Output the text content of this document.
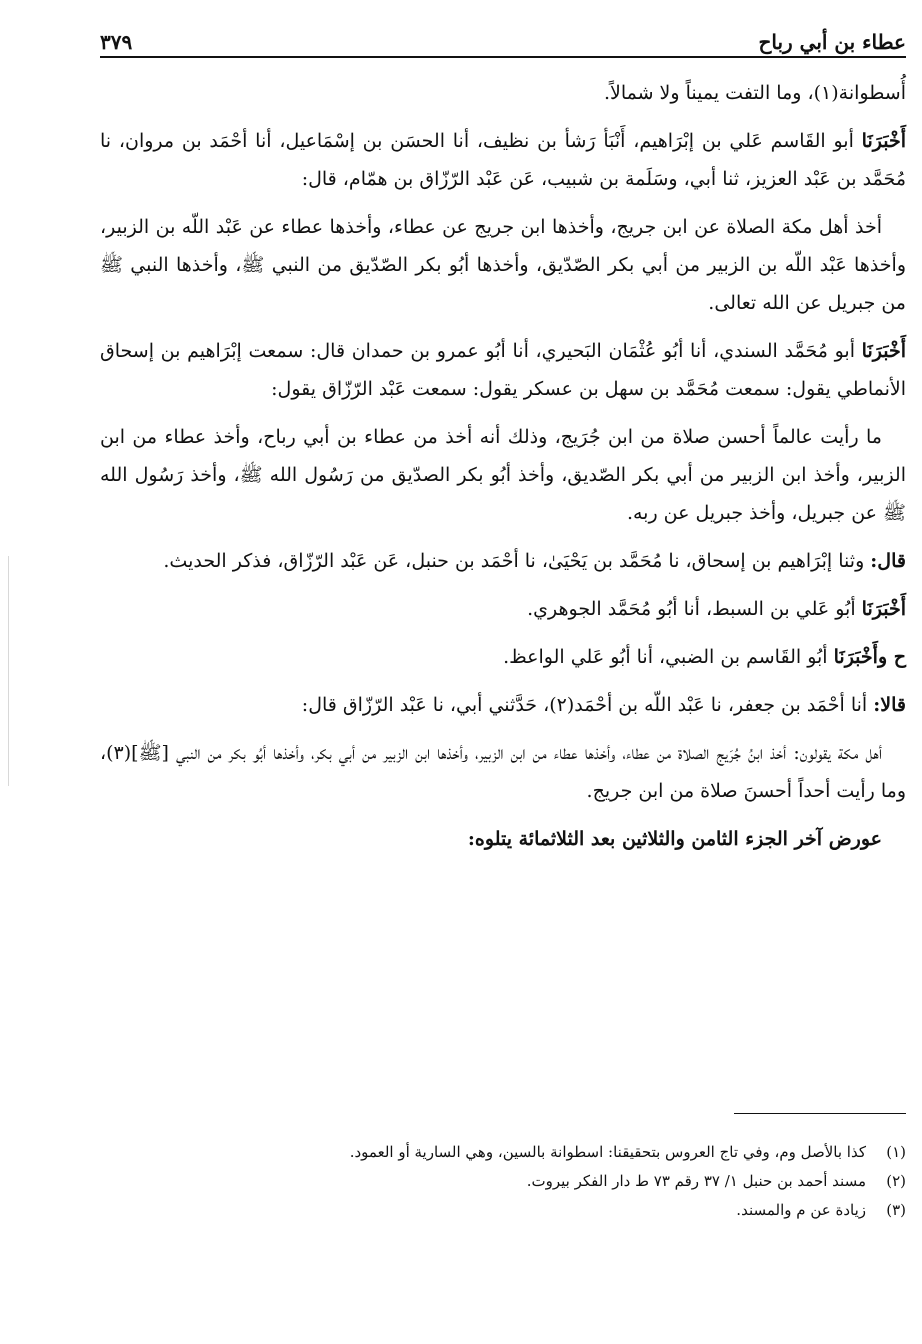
عطاء بن أبي رباح
٣٧٩

أُسطوانة(١)، وما التفت يميناً ولا شمالاً.

أَخْبَرَنَا أبو القَاسم عَلي بن إبْرَاهيم، أَنْبَأ رَشأ بن نظيف، أنا الحسَن بن إسْمَاعيل، أنا أحْمَد بن مروان، نا مُحَمَّد بن عَبْد العزيز، ثنا أبي، وسَلَمة بن شبيب، عَن عَبْد الرّزّاق بن همّام، قال:

أخذ أهل مكة الصلاة عن ابن جريج، وأخذها ابن جريج عن عطاء، وأخذها عطاء عن عَبْد اللّه بن الزبير، وأخذها عَبْد اللّه بن الزبير من أبي بكر الصّدّيق، وأخذها أبُو بكر الصّدّيق من النبي ﷺ، وأخذها النبي ﷺ من جبريل عن الله تعالى.

أَخْبَرَنَا أبو مُحَمَّد السندي، أنا أبُو عُثْمَان البَحيري، أنا أبُو عمرو بن حمدان قال: سمعت إبْرَاهيم بن إسحاق الأنماطي يقول: سمعت مُحَمَّد بن سهل بن عسكر يقول: سمعت عَبْد الرّزّاق يقول:

ما رأيت عالماً أحسن صلاة من ابن جُرَيج، وذلك أنه أخذ من عطاء بن أبي رباح، وأخذ عطاء من ابن الزبير، وأخذ ابن الزبير من أبي بكر الصّديق، وأخذ أبُو بكر الصدّيق من رَسُول الله ﷺ، وأخذ رَسُول الله ﷺ عن جبريل، وأخذ جبريل عن ربه.

قال: وثنا إبْرَاهيم بن إسحاق، نا مُحَمَّد بن يَحْيَىٰ، نا أحْمَد بن حنبل، عَن عَبْد الرّزّاق، فذكر الحديث.

أَخْبَرَنَا أبُو عَلي بن السبط، أنا أبُو مُحَمَّد الجوهري.

ح وأَخْبَرَنَا أبُو القَاسم بن الضبي، أنا أبُو عَلي الواعظ.

قالا: أنا أحْمَد بن جعفر، نا عَبْد اللّه بن أحْمَد(٢)، حَدَّثني أبي، نا عَبْد الرّزّاق قال:

أهل مكة يقولون: أخذ ابنُ جُرَيج الصلاة من عطاء، وأخذها عطاء من ابن الزبير، وأخذها ابن الزبير من أبي بكر، وأخذها أبُو بكر من النبي [ﷺ](٣)، وما رأيت أحداً أحسنَ صلاة من ابن جريج.

عورض آخر الجزء الثامن والثلاثين بعد الثلاثمائة يتلوه:

(١)كذا بالأصل وم، وفي تاج العروس بتحقيقنا: اسطوانة بالسين، وهي السارية أو العمود.
(٢)مسند أحمد بن حنبل ١/ ٣٧ رقم ٧٣ ط دار الفكر بيروت.
(٣)زيادة عن م والمسند.
